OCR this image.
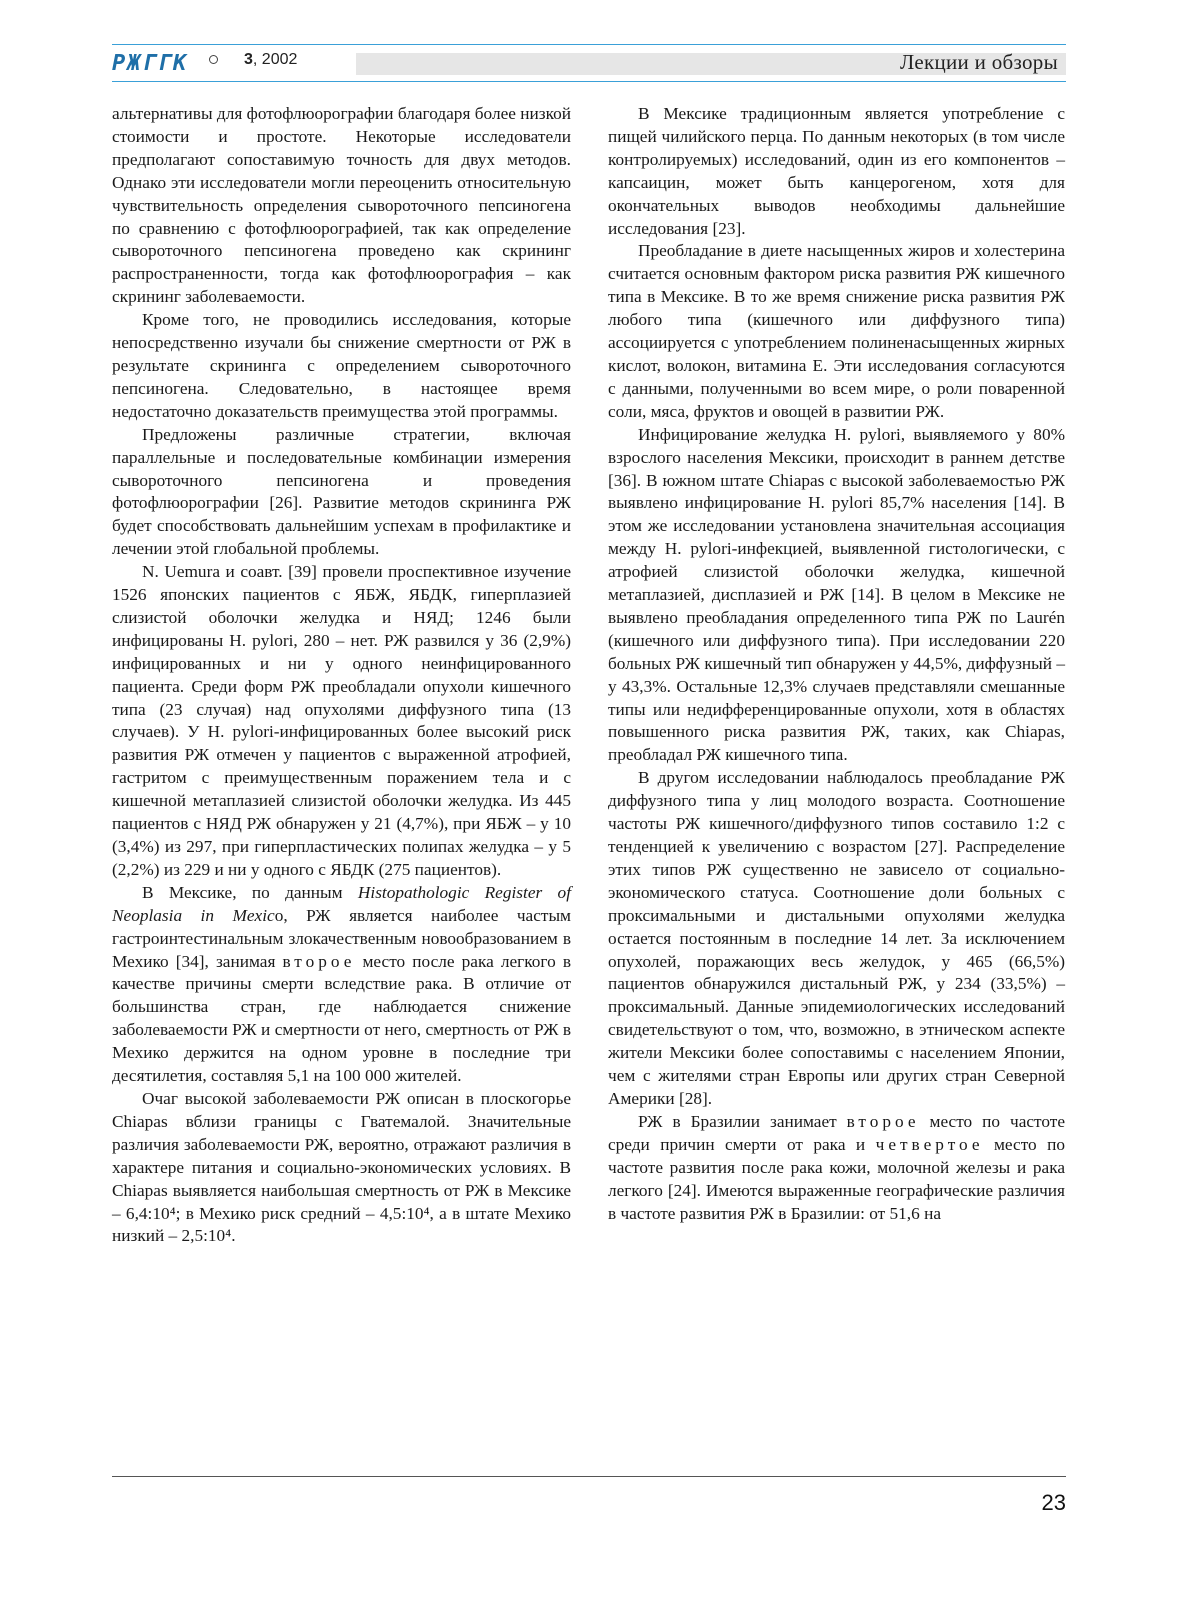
РЖГГК	3, 2002	Лекции и обзоры

альтернативы для фотофлюорографии благодаря более низкой стоимости и простоте. Некоторые исследователи предполагают сопоставимую точность для двух методов. Однако эти исследователи могли переоценить относительную чувствительность определения сывороточного пепсиногена по сравнению с фотофлюорографией, так как определение сывороточного пепсиногена проведено как скрининг распространенности, тогда как фотофлюорография – как скрининг заболеваемости.

Кроме того, не проводились исследования, которые непосредственно изучали бы снижение смертности от РЖ в результате скрининга с определением сывороточного пепсиногена. Следовательно, в настоящее время недостаточно доказательств преимущества этой программы.

Предложены различные стратегии, включая параллельные и последовательные комбинации измерения сывороточного пепсиногена и проведения фотофлюорографии [26]. Развитие методов скрининга РЖ будет способствовать дальнейшим успехам в профилактике и лечении этой глобальной проблемы.

N. Uemura и соавт. [39] провели проспективное изучение 1526 японских пациентов с ЯБЖ, ЯБДК, гиперплазией слизистой оболочки желудка и НЯД; 1246 были инфицированы H. pylori, 280 – нет. РЖ развился у 36 (2,9%) инфицированных и ни у одного неинфицированного пациента. Среди форм РЖ преобладали опухоли кишечного типа (23 случая) над опухолями диффузного типа (13 случаев). У H. pylori-инфицированных более высокий риск развития РЖ отмечен у пациентов с выраженной атрофией, гастритом с преимущественным поражением тела и с кишечной метаплазией слизистой оболочки желудка. Из 445 пациентов с НЯД РЖ обнаружен у 21 (4,7%), при ЯБЖ – у 10 (3,4%) из 297, при гиперпластических полипах желудка – у 5 (2,2%) из 229 и ни у одного с ЯБДК (275 пациентов).

В Мексике, по данным Histopathologic Register of Neoplasia in Mexico, РЖ является наиболее частым гастроинтестинальным злокачественным новообразованием в Мехико [34], занимая второе место после рака легкого в качестве причины смерти вследствие рака. В отличие от большинства стран, где наблюдается снижение заболеваемости РЖ и смертности от него, смертность от РЖ в Мехико держится на одном уровне в последние три десятилетия, составляя 5,1 на 100 000 жителей.

Очаг высокой заболеваемости РЖ описан в плоскогорье Chiapas вблизи границы с Гватемалой. Значительные различия заболеваемости РЖ, вероятно, отражают различия в характере питания и социально-экономических условиях. В Chiapas выявляется наибольшая смертность от РЖ в Мексике – 6,4:10⁴; в Мехико риск средний – 4,5:10⁴, а в штате Мехико низкий – 2,5:10⁴.

В Мексике традиционным является употребление с пищей чилийского перца. По данным некоторых (в том числе контролируемых) исследований, один из его компонентов – капсаицин, может быть канцерогеном, хотя для окончательных выводов необходимы дальнейшие исследования [23].

Преобладание в диете насыщенных жиров и холестерина считается основным фактором риска развития РЖ кишечного типа в Мексике. В то же время снижение риска развития РЖ любого типа (кишечного или диффузного типа) ассоциируется с употреблением полиненасыщенных жирных кислот, волокон, витамина Е. Эти исследования согласуются с данными, полученными во всем мире, о роли поваренной соли, мяса, фруктов и овощей в развитии РЖ.

Инфицирование желудка H. pylori, выявляемого у 80% взрослого населения Мексики, происходит в раннем детстве [36]. В южном штате Chiapas с высокой заболеваемостью РЖ выявлено инфицирование H. pylori 85,7% населения [14]. В этом же исследовании установлена значительная ассоциация между H. pylori-инфекцией, выявленной гистологически, с атрофией слизистой оболочки желудка, кишечной метаплазией, дисплазией и РЖ [14]. В целом в Мексике не выявлено преобладания определенного типа РЖ по Laurén (кишечного или диффузного типа). При исследовании 220 больных РЖ кишечный тип обнаружен у 44,5%, диффузный – у 43,3%. Остальные 12,3% случаев представляли смешанные типы или недифференцированные опухоли, хотя в областях повышенного риска развития РЖ, таких, как Chiapas, преобладал РЖ кишечного типа.

В другом исследовании наблюдалось преобладание РЖ диффузного типа у лиц молодого возраста. Соотношение частоты РЖ кишечного/диффузного типов составило 1:2 с тенденцией к увеличению с возрастом [27]. Распределение этих типов РЖ существенно не зависело от социально-экономического статуса. Соотношение доли больных с проксимальными и дистальными опухолями желудка остается постоянным в последние 14 лет. За исключением опухолей, поражающих весь желудок, у 465 (66,5%) пациентов обнаружился дистальный РЖ, у 234 (33,5%) – проксимальный. Данные эпидемиологических исследований свидетельствуют о том, что, возможно, в этническом аспекте жители Мексики более сопоставимы с населением Японии, чем с жителями стран Европы или других стран Северной Америки [28].

РЖ в Бразилии занимает второе место по частоте среди причин смерти от рака и четвертое место по частоте развития после рака кожи, молочной железы и рака легкого [24]. Имеются выраженные географические различия в частоте развития РЖ в Бразилии: от 51,6 на

23
